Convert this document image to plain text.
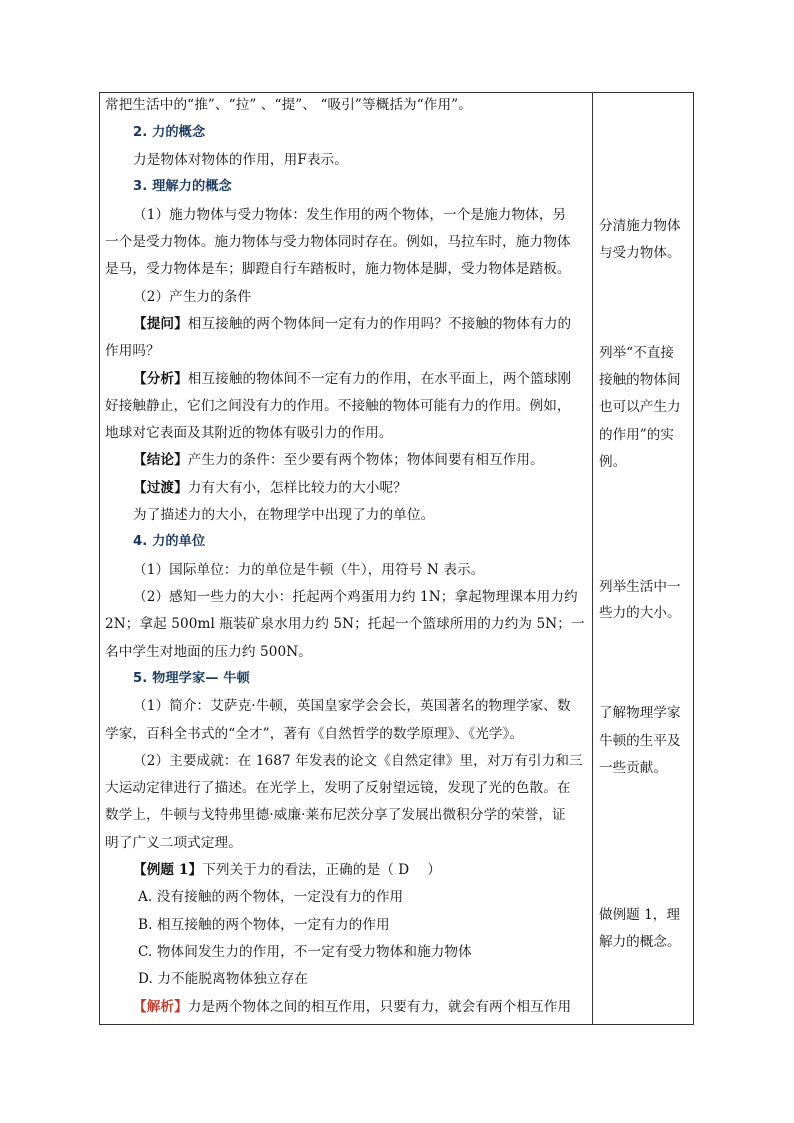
常把生活中的“推”、“拉” 、“提”、 “吸引”等概括为“作用”。
2. 力的概念
力是物体对物体的作用，用F表示。
3. 理解力的概念
（1）施力物体与受力物体：发生作用的两个物体，一个是施力物体，另
一个是受力物体。施力物体与受力物体同时存在。例如，马拉车时，施力物体
是马，受力物体是车；脚蹬自行车踏板时，施力物体是脚，受力物体是踏板。
（2）产生力的条件
【提问】相互接触的两个物体间一定有力的作用吗？不接触的物体有力的
作用吗？
【分析】相互接触的物体间不一定有力的作用，在水平面上，两个篮球刚
好接触静止，它们之间没有力的作用。不接触的物体可能有力的作用。例如，
地球对它表面及其附近的物体有吸引力的作用。
【结论】产生力的条件：至少要有两个物体；物体间要有相互作用。
【过渡】力有大有小，怎样比较力的大小呢？
为了描述力的大小，在物理学中出现了力的单位。
4. 力的单位
（1）国际单位：力的单位是牛顿（牛），用符号 N 表示。
（2）感知一些力的大小：托起两个鸡蛋用力约 1N；拿起物理课本用力约
2N；拿起 500ml 瓶装矿泉水用力约 5N；托起一个篮球所用的力约为 5N；一
名中学生对地面的压力约 500N。
5. 物理学家— 牛顿
（1）简介：艾萨克·牛顿，英国皇家学会会长，英国著名的物理学家、数
学家，百科全书式的“全才”，著有《自然哲学的数学原理》、《光学》。
（2）主要成就：在 1687 年发表的论文《自然定律》里，对万有引力和三
大运动定律进行了描述。在光学上，发明了反射望远镜，发现了光的色散。在
数学上，牛顿与戈特弗里德·威廉·莱布尼茨分享了发展出微积分学的荣誉，证
明了广义二项式定理。
【例题 1】下列关于力的看法，正确的是（ D　 ）
A. 没有接触的两个物体，一定没有力的作用
B. 相互接触的两个物体，一定有力的作用
C. 物体间发生力的作用，不一定有受力物体和施力物体
D. 力不能脱离物体独立存在
【解析】力是两个物体之间的相互作用，只要有力，就会有两个相互作用
分清施力物体
与受力物体。
列举“不直接
接触的物体间
也可以产生力
的作用”的实
例。
列举生活中一
些力的大小。
了解物理学家
牛顿的生平及
一些贡献。
做例题 1，理
解力的概念。
